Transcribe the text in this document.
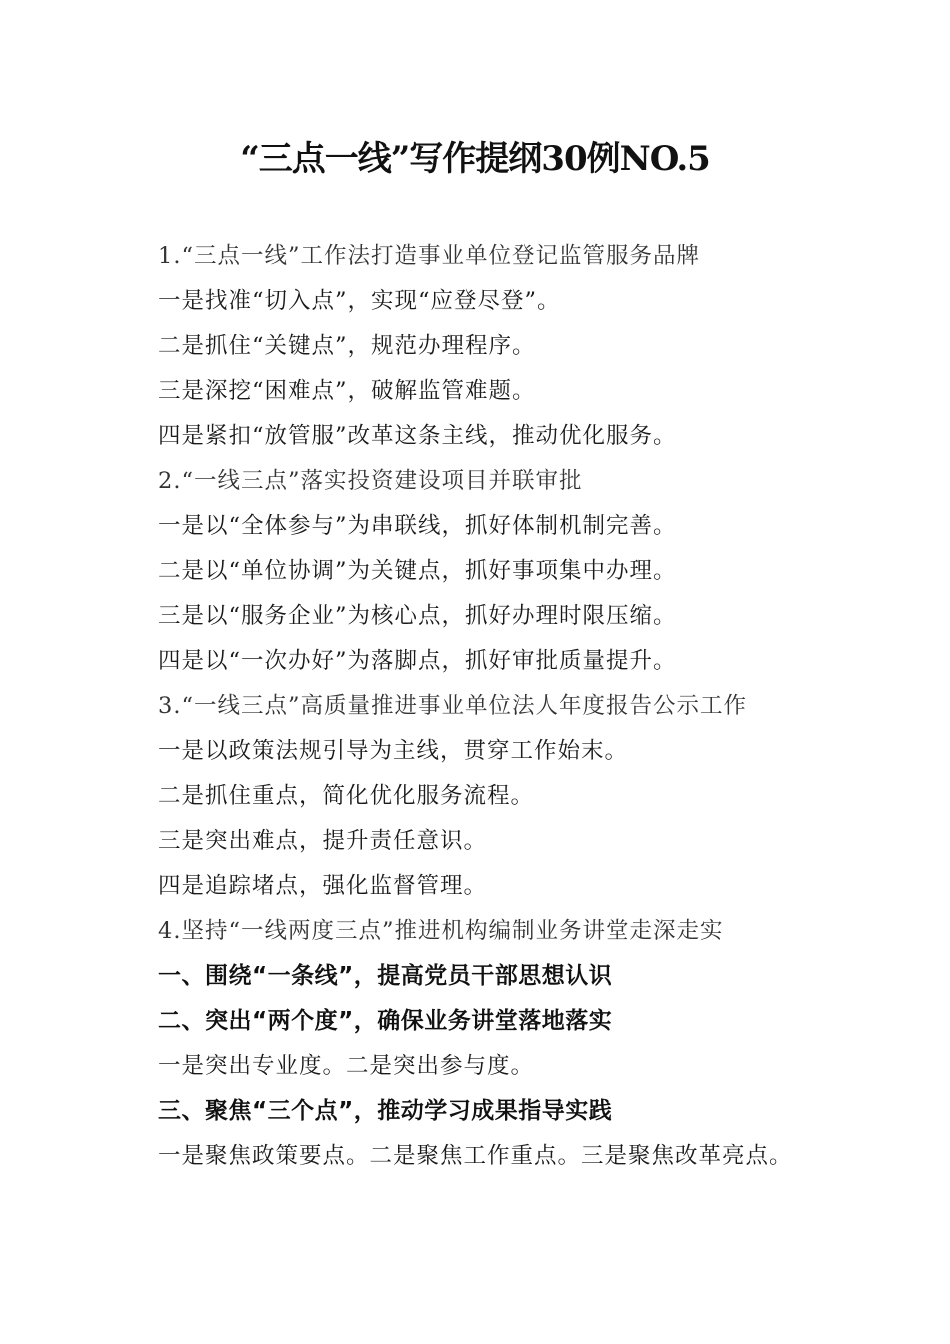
“三点一线”写作提纲30例NO.5
1.“三点一线”工作法打造事业单位登记监管服务品牌
一是找准“切入点”，实现“应登尽登”。
二是抓住“关键点”，规范办理程序。
三是深挖“困难点”，破解监管难题。
四是紧扣“放管服”改革这条主线，推动优化服务。
2.“一线三点”落实投资建设项目并联审批
一是以“全体参与”为串联线，抓好体制机制完善。
二是以“单位协调”为关键点，抓好事项集中办理。
三是以“服务企业”为核心点，抓好办理时限压缩。
四是以“一次办好”为落脚点，抓好审批质量提升。
3.“一线三点”高质量推进事业单位法人年度报告公示工作
一是以政策法规引导为主线，贯穿工作始末。
二是抓住重点，简化优化服务流程。
三是突出难点，提升责任意识。
四是追踪堵点，强化监督管理。
4.坚持“一线两度三点”推进机构编制业务讲堂走深走实
一、围绕“一条线”，提高党员干部思想认识
二、突出“两个度”，确保业务讲堂落地落实
一是突出专业度。二是突出参与度。
三、聚焦“三个点”，推动学习成果指导实践
一是聚焦政策要点。二是聚焦工作重点。三是聚焦改革亮点。
